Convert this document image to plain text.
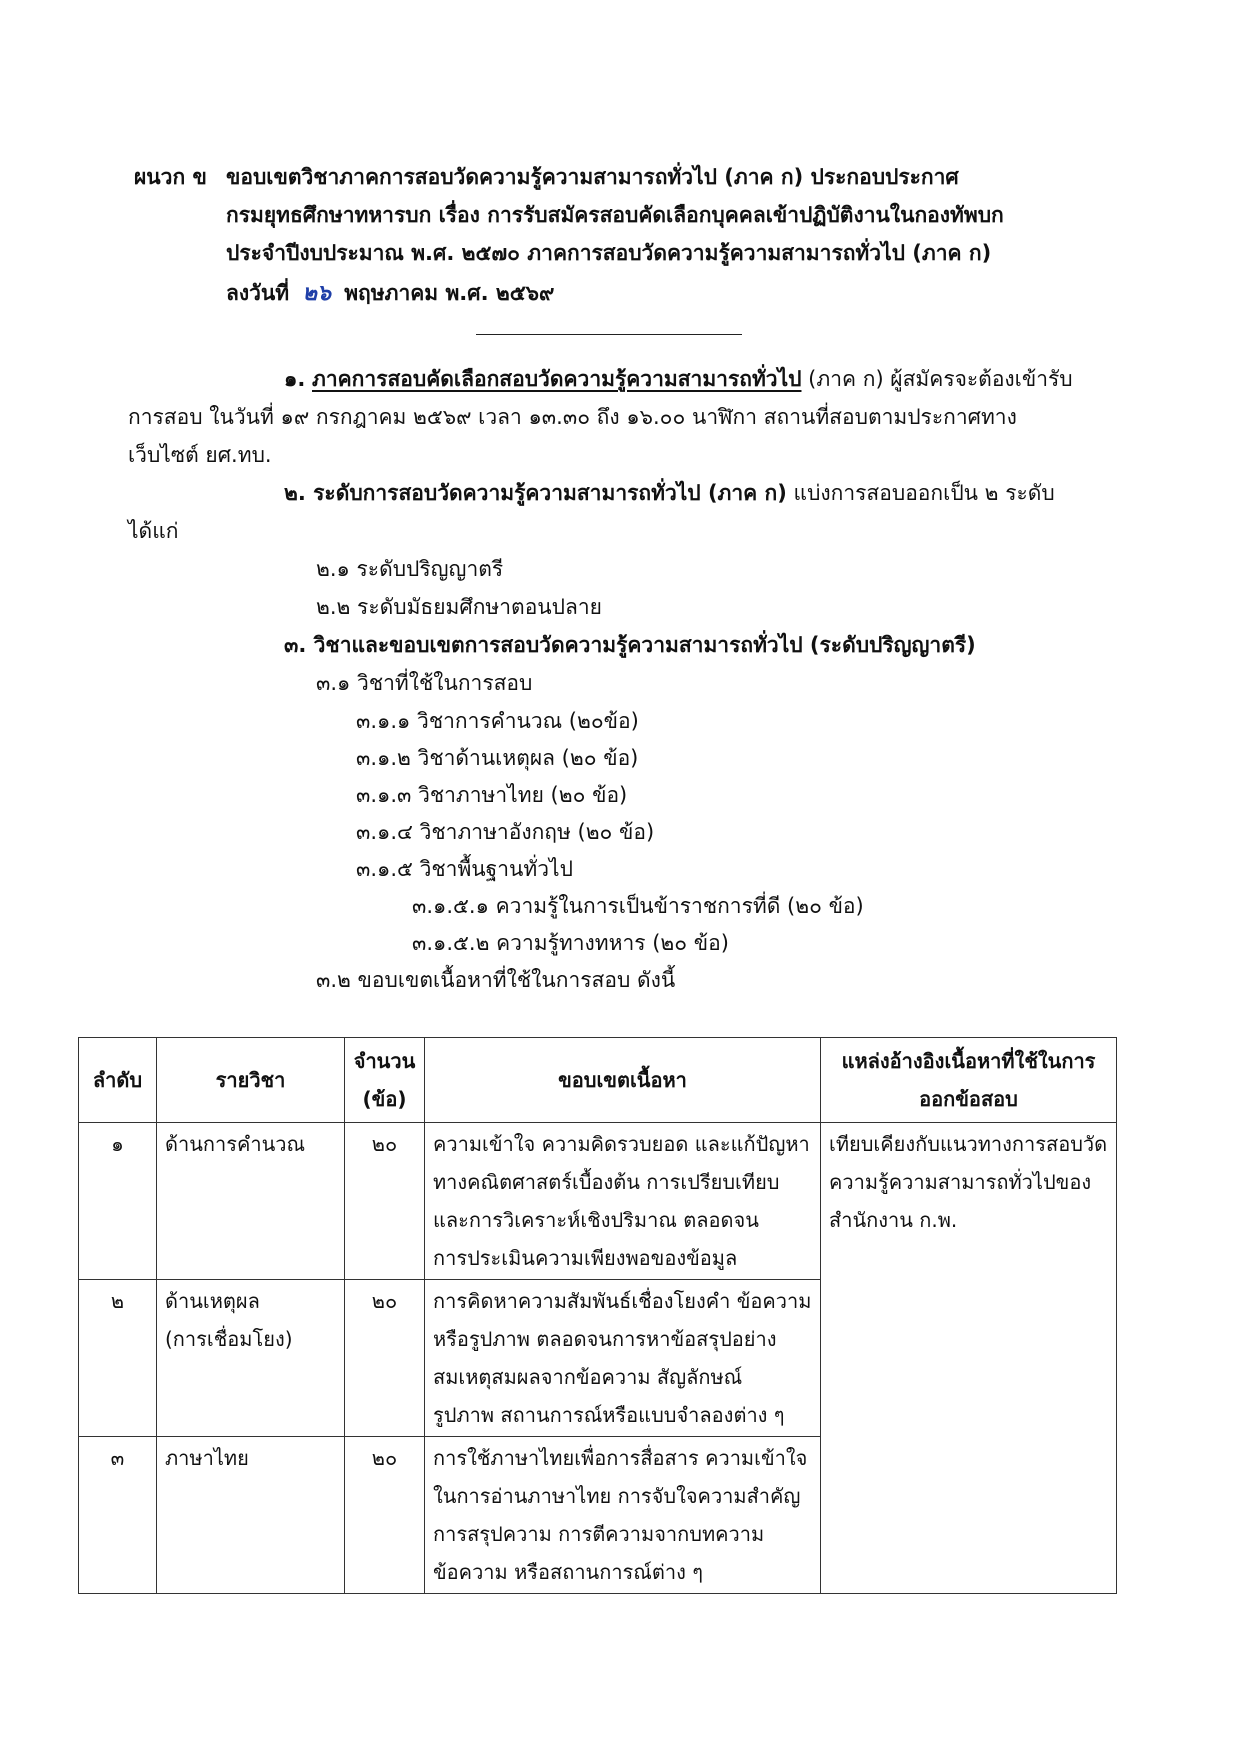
ผนวก ข ขอบเขตวิชาภาคการสอบวัดความรู้ความสามารถทั่วไป (ภาค ก) ประกอบประกาศ
กรมยุทธศึกษาทหารบก เรื่อง การรับสมัครสอบคัดเลือกบุคคลเข้าปฏิบัติงานในกองทัพบก
ประจำปีงบประมาณ พ.ศ. ๒๕๗๐ ภาคการสอบวัดความรู้ความสามารถทั่วไป (ภาค ก)
ลงวันที่ ๒๖ พฤษภาคม พ.ศ. ๒๕๖๙
๑. ภาคการสอบคัดเลือกสอบวัดความรู้ความสามารถทั่วไป (ภาค ก) ผู้สมัครจะต้องเข้ารับ
การสอบ ในวันที่ ๑๙ กรกฎาคม ๒๕๖๙ เวลา ๑๓.๓๐ ถึง ๑๖.๐๐ นาฬิกา สถานที่สอบตามประกาศทาง
เว็บไซต์ ยศ.ทบ.
๒. ระดับการสอบวัดความรู้ความสามารถทั่วไป (ภาค ก) แบ่งการสอบออกเป็น ๒ ระดับ
ได้แก่
๒.๑ ระดับปริญญาตรี
๒.๒ ระดับมัธยมศึกษาตอนปลาย
๓. วิชาและขอบเขตการสอบวัดความรู้ความสามารถทั่วไป (ระดับปริญญาตรี)
๓.๑ วิชาที่ใช้ในการสอบ
๓.๑.๑ วิชาการคำนวณ (๒๐ข้อ)
๓.๑.๒ วิชาด้านเหตุผล (๒๐ ข้อ)
๓.๑.๓ วิชาภาษาไทย (๒๐ ข้อ)
๓.๑.๔ วิชาภาษาอังกฤษ (๒๐ ข้อ)
๓.๑.๕ วิชาพื้นฐานทั่วไป
๓.๑.๕.๑ ความรู้ในการเป็นข้าราชการที่ดี (๒๐ ข้อ)
๓.๑.๕.๒ ความรู้ทางทหาร (๒๐ ข้อ)
๓.๒ ขอบเขตเนื้อหาที่ใช้ในการสอบ ดังนี้
ลำดับ	รายวิชา	จำนวน
(ข้อ)	ขอบเขตเนื้อหา	แหล่งอ้างอิงเนื้อหาที่ใช้ในการ
ออกข้อสอบ

๑	ด้านการคำนวณ	๒๐	ความเข้าใจ ความคิดรวบยอด และแก้ปัญหา
ทางคณิตศาสตร์เบื้องต้น การเปรียบเทียบ
และการวิเคราะห์เชิงปริมาณ ตลอดจน
การประเมินความเพียงพอของข้อมูล	เทียบเคียงกับแนวทางการสอบวัด
ความรู้ความสามารถทั่วไปของ
สำนักงาน ก.พ.

๒	ด้านเหตุผล
(การเชื่อมโยง)	๒๐	การคิดหาความสัมพันธ์เชื่องโยงคำ ข้อความ
หรือรูปภาพ ตลอดจนการหาข้อสรุปอย่าง
สมเหตุสมผลจากข้อความ สัญลักษณ์
รูปภาพ สถานการณ์หรือแบบจำลองต่าง ๆ	

๓	ภาษาไทย	๒๐	การใช้ภาษาไทยเพื่อการสื่อสาร ความเข้าใจ
ในการอ่านภาษาไทย การจับใจความสำคัญ
การสรุปความ การตีความจากบทความ
ข้อความ หรือสถานการณ์ต่าง ๆ	
